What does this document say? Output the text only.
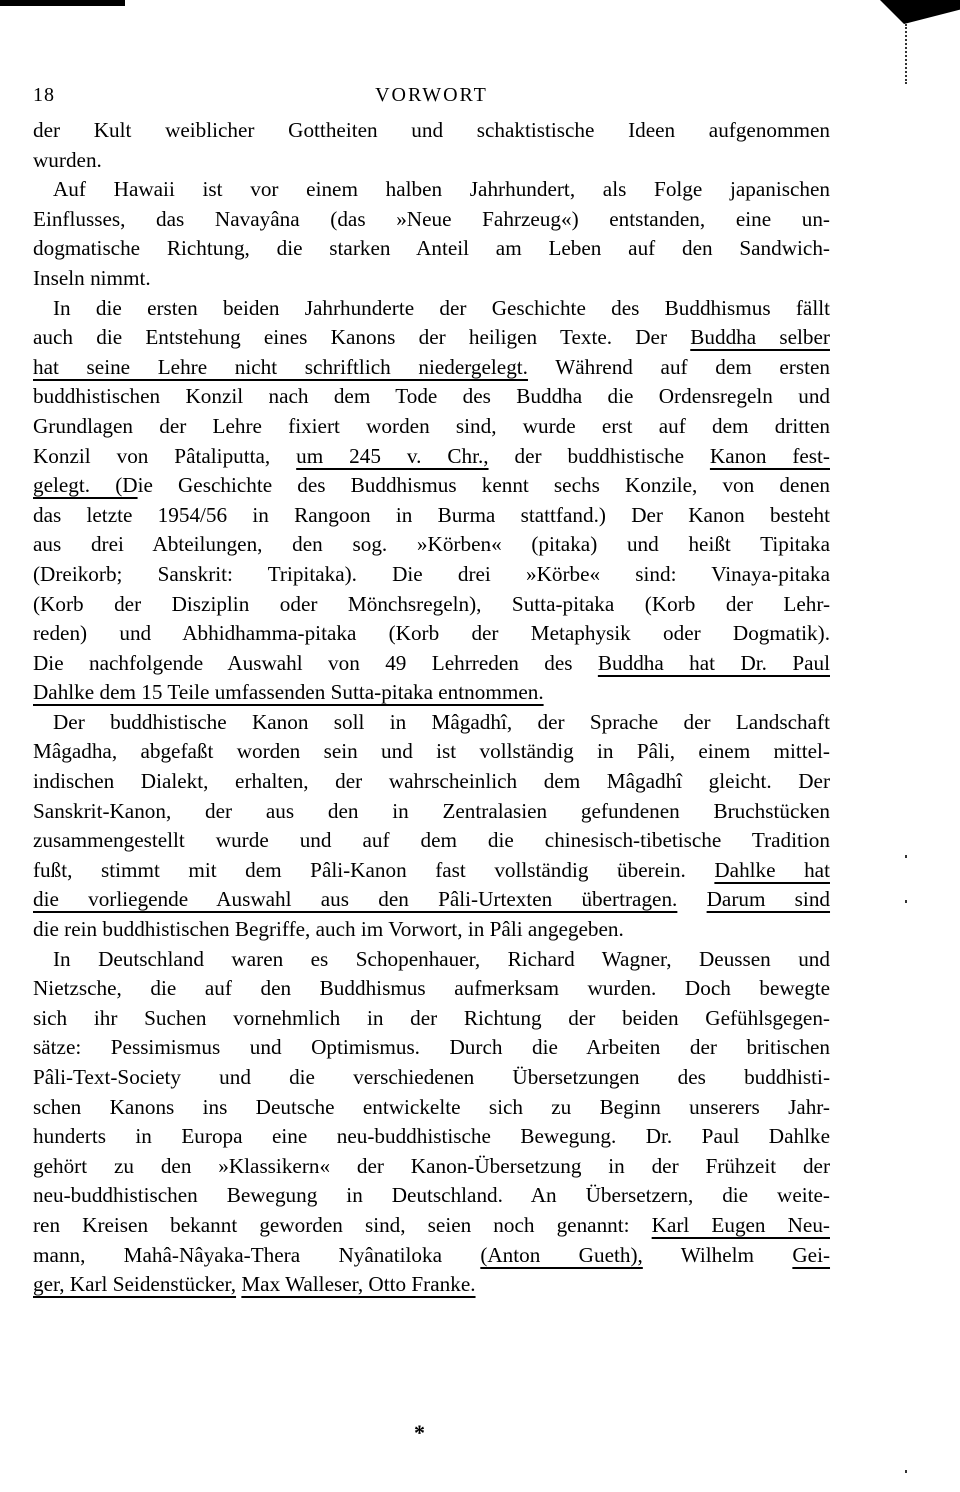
18	VORWORT
der Kult weiblicher Gottheiten und schaktistische Ideen aufgenommen
wurden.
Auf Hawaii ist vor einem halben Jahrhundert, als Folge japanischen
Einflusses, das Navayâna (das »Neue Fahrzeug«) entstanden, eine un-
dogmatische Richtung, die starken Anteil am Leben auf den Sandwich-
Inseln nimmt.
In die ersten beiden Jahrhunderte der Geschichte des Buddhismus fällt
auch die Entstehung eines Kanons der heiligen Texte. Der Buddha selber
hat seine Lehre nicht schriftlich niedergelegt. Während auf dem ersten
buddhistischen Konzil nach dem Tode des Buddha die Ordensregeln und
Grundlagen der Lehre fixiert worden sind, wurde erst auf dem dritten
Konzil von Pâtaliputta, um 245 v. Chr., der buddhistische Kanon fest-
gelegt. (Die Geschichte des Buddhismus kennt sechs Konzile, von denen
das letzte 1954/56 in Rangoon in Burma stattfand.) Der Kanon besteht
aus drei Abteilungen, den sog. »Körben« (pitaka) und heißt Tipitaka
(Dreikorb; Sanskrit: Tripitaka). Die drei »Körbe« sind: Vinaya-pitaka
(Korb der Disziplin oder Mönchsregeln), Sutta-pitaka (Korb der Lehr-
reden) und Abhidhamma-pitaka (Korb der Metaphysik oder Dogmatik).
Die nachfolgende Auswahl von 49 Lehrreden des Buddha hat Dr. Paul
Dahlke dem 15 Teile umfassenden Sutta-pitaka entnommen.
Der buddhistische Kanon soll in Mâgadhî, der Sprache der Landschaft
Mâgadha, abgefaßt worden sein und ist vollständig in Pâli, einem mittel-
indischen Dialekt, erhalten, der wahrscheinlich dem Mâgadhî gleicht. Der
Sanskrit-Kanon, der aus den in Zentralasien gefundenen Bruchstücken
zusammengestellt wurde und auf dem die chinesisch-tibetische Tradition
fußt, stimmt mit dem Pâli-Kanon fast vollständig überein. Dahlke hat
die vorliegende Auswahl aus den Pâli-Urtexten übertragen. Darum sind
die rein buddhistischen Begriffe, auch im Vorwort, in Pâli angegeben.
In Deutschland waren es Schopenhauer, Richard Wagner, Deussen und
Nietzsche, die auf den Buddhismus aufmerksam wurden. Doch bewegte
sich ihr Suchen vornehmlich in der Richtung der beiden Gefühlsgegen-
sätze: Pessimismus und Optimismus. Durch die Arbeiten der britischen
Pâli-Text-Society und die verschiedenen Übersetzungen des buddhisti-
schen Kanons ins Deutsche entwickelte sich zu Beginn unserers Jahr-
hunderts in Europa eine neu-buddhistische Bewegung. Dr. Paul Dahlke
gehört zu den »Klassikern« der Kanon-Übersetzung in der Frühzeit der
neu-buddhistischen Bewegung in Deutschland. An Übersetzern, die weite-
ren Kreisen bekannt geworden sind, seien noch genannt: Karl Eugen Neu-
mann, Mahâ-Nâyaka-Thera Nyânatiloka (Anton Gueth), Wilhelm Gei-
ger, Karl Seidenstücker, Max Walleser, Otto Franke.
*
